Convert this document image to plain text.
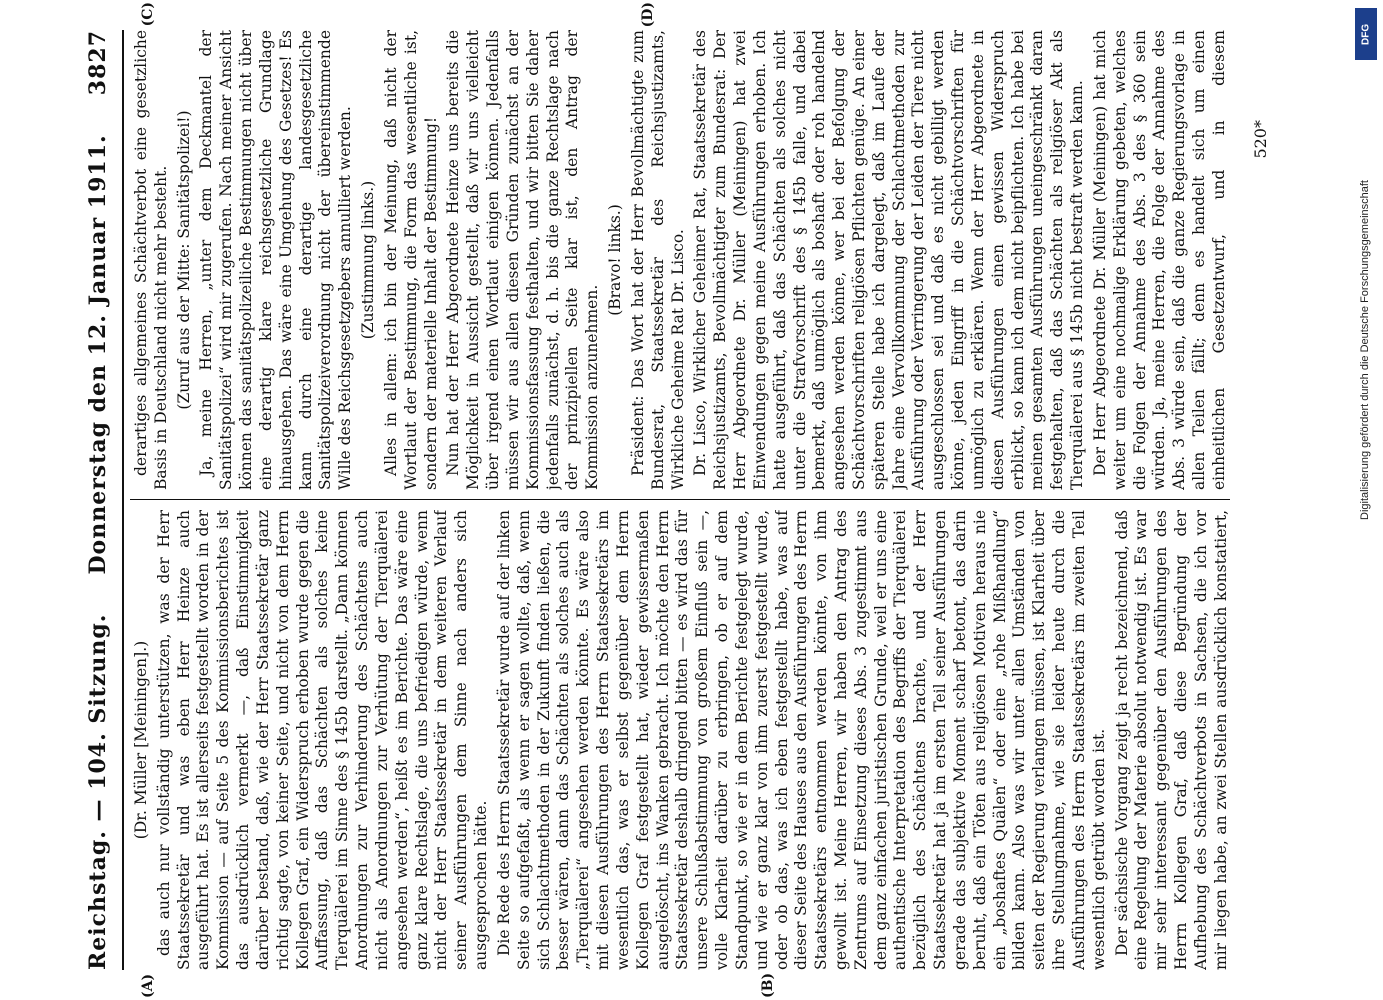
Reichstag. — 104. Sitzung.
Donnerstag den 12. Januar 1911.
3827
(A)	(B)
(C)	(D)

(Dr. Müller [Meiningen].) das auch nur vollständig unterstützen, was der Herr Staatssekretär und was eben Herr Heinze auch ausgeführt hat. Es ist allerseits festgestellt worden in der Kommission — auf Seite 5 des Kommissionsberichtes ist das ausdrücklich vermerkt —, daß Einstimmigkeit darüber bestand, daß, wie der Herr Staatssekretär ganz richtig sagte, von keiner Seite, und nicht von dem Herrn Kollegen Graf, ein Widerspruch erhoben wurde gegen die Auffassung, daß das Schächten als solches keine Tierquälerei im Sinne des § 145b darstellt. „Dann können Anordnungen zur Verhinderung des Schächtens auch nicht als Anordnungen zur Verhütung der Tierquälerei angesehen werden“, heißt es im Berichte. Das wäre eine ganz klare Rechtslage, die uns befriedigen würde, wenn nicht der Herr Staatssekretär in dem weiteren Verlauf seiner Ausführungen dem Sinne nach anders sich ausgesprochen hätte. Die Rede des Herrn Staatssekretär wurde auf der linken Seite so aufgefaßt, als wenn er sagen wollte, daß, wenn sich Schlachtmethoden in der Zukunft finden ließen, die besser wären, dann das Schächten als solches auch als „Tierquälerei“ angesehen werden könnte. Es wäre also mit diesen Ausführungen des Herrn Staatssekretärs im wesentlich das, was er selbst gegenüber dem Herrn Kollegen Graf festgestellt hat, wieder gewissermaßen ausgelöscht, ins Wanken gebracht. Ich möchte den Herrn Staatssekretär deshalb dringend bitten — es wird das für unsere Schlußabstimmung von großem Einfluß sein —, volle Klarheit darüber zu erbringen, ob er auf dem Standpunkt, so wie er in dem Berichte festgelegt wurde, und wie er ganz klar von ihm zuerst festgestellt wurde, oder ob das, was ich eben festgestellt habe, was auf dieser Seite des Hauses aus den Ausführungen des Herrn Staatssekretärs entnommen werden könnte, von ihm gewollt ist. Meine Herren, wir haben den Antrag des Zentrums auf Einsetzung dieses Abs. 3 zugestimmt aus dem ganz einfachen juristischen Grunde, weil er uns eine authentische Interpretation des Begriffs der Tierquälerei bezüglich des Schächtens brachte, und der Herr Staatssekretär hat ja im ersten Teil seiner Ausführungen gerade das subjektive Moment scharf betont, das darin beruht, daß ein Töten aus religiösen Motiven heraus nie ein „boshaftes Quälen“ oder eine „rohe Mißhandlung“ bilden kann. Also was wir unter allen Umständen von seiten der Regierung verlangen müssen, ist Klarheit über ihre Stellungnahme, wie sie leider heute durch die Ausführungen des Herrn Staatssekretärs im zweiten Teil wesentlich getrübt worden ist. Der sächsische Vorgang zeigt ja recht bezeichnend, daß eine Regelung der Materie absolut notwendig ist. Es war mir sehr interessant gegenüber den Ausführungen des Herrn Kollegen Graf, daß diese Begründung der Aufhebung des Schächtverbots in Sachsen, die ich vor mir liegen habe, an zwei Stellen ausdrücklich konstatiert,

derartiges allgemeines Schächtverbot eine gesetzliche Basis in Deutschland nicht mehr besteht. (Zuruf aus der Mitte: Sanitätspolizei!) Ja, meine Herren, „unter dem Deckmantel der Sanitätspolizei“ wird mir zugerufen. Nach meiner Ansicht können das sanitätspolizeiliche Bestimmungen nicht über eine derartig klare reichsgesetzliche Grundlage hinausgehen. Das wäre eine Umgehung des Gesetzes! Es kann durch eine derartige landesgesetzliche Sanitätspolizeiverordnung nicht der übereinstimmende Wille des Reichsgesetzgebers annulliert werden. (Zustimmung links.) Alles in allem: ich bin der Meinung, daß nicht der Wortlaut der Bestimmung, die Form das wesentliche ist, sondern der materielle Inhalt der Bestimmung! Nun hat der Herr Abgeordnete Heinze uns bereits die Möglichkeit in Aussicht gestellt, daß wir uns vielleicht über irgend einen Wortlaut einigen können. Jedenfalls müssen wir aus allen diesen Gründen zunächst an der Kommissionsfassung festhalten, und wir bitten Sie daher jedenfalls zunächst, d. h. bis die ganze Rechtslage nach der prinzipiellen Seite klar ist, den Antrag der Kommission anzunehmen.

(Bravo! links.) Präsident: Das Wort hat der Herr Bevollmächtigte zum Bundesrat, Staatssekretär des Reichsjustizamts, Wirkliche Geheime Rat Dr. Lisco. Dr. Lisco, Wirklicher Geheimer Rat, Staatssekretär des Reichsjustizamts, Bevollmächtigter zum Bundesrat: Der Herr Abgeordnete Dr. Müller (Meiningen) hat zwei Einwendungen gegen meine Ausführungen erhoben. Ich hatte ausgeführt, daß das Schächten als solches nicht unter die Strafvorschrift des § 145b falle, und dabei bemerkt, daß unmöglich als boshaft oder roh handelnd angesehen werden könne, wer bei der Befolgung der Schächtvorschriften religiösen Pflichten genüge. An einer späteren Stelle habe ich dargelegt, daß im Laufe der Jahre eine Vervollkommnung der Schlachtmethoden zur Ausführung oder Verringerung der Leiden der Tiere nicht ausgeschlossen sei und daß es nicht gebilligt werden könne, jeden Eingriff in die Schächtvorschriften für unmöglich zu erklären. Wenn der Herr Abgeordnete in diesen Ausführungen einen gewissen Widerspruch erblickt, so kann ich dem nicht beipflichten. Ich habe bei meinen gesamten Ausführungen uneingeschränkt daran festgehalten, daß das Schächten als religiöser Akt als Tierquälerei aus § 145b nicht bestraft werden kann. Der Herr Abgeordnete Dr. Müller (Meiningen) hat mich weiter um eine nochmalige Erklärung gebeten, welches die Folgen der Annahme des Abs. 3 des § 360 sein würden. Ja, meine Herren, die Folge der Annahme des Abs. 3 würde sein, daß die ganze Regierungsvorlage in allen Teilen fällt; denn es handelt sich um einen einheitlichen Gesetzentwurf, und in diesem

520*
DFG
Digitalisierung gefördert durch die Deutsche Forschungsgemeinschaft
